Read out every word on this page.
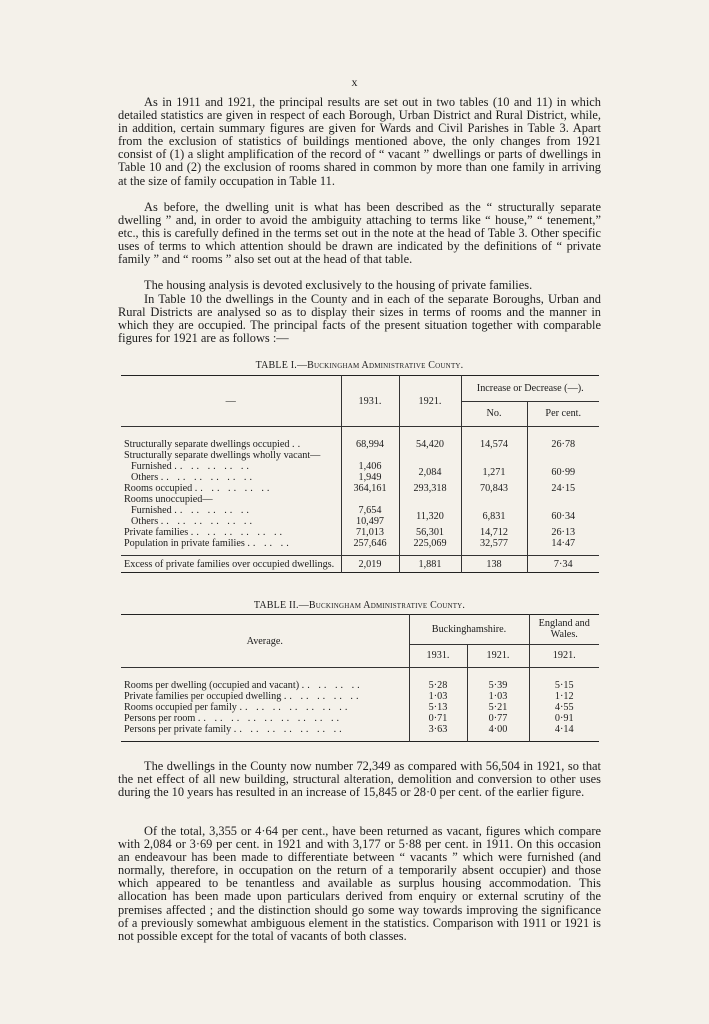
x

As in 1911 and 1921, the principal results are set out in two tables (10 and 11) in which detailed statistics are given in respect of each Borough, Urban District and Rural District, while, in addition, certain summary figures are given for Wards and Civil Parishes in Table 3. Apart from the exclusion of statistics of buildings mentioned above, the only changes from 1921 consist of (1) a slight amplification of the record of “ vacant ” dwellings or parts of dwellings in Table 10 and (2) the exclusion of rooms shared in common by more than one family in arriving at the size of family occupation in Table 11.

As before, the dwelling unit is what has been described as the “ structurally separate dwelling ” and, in order to avoid the ambiguity attaching to terms like “ house,” “ tenement,” etc., this is carefully defined in the terms set out in the note at the head of Table 3. Other specific uses of terms to which attention should be drawn are indicated by the definitions of “ private family ” and “ rooms ” also set out at the head of that table.

The housing analysis is devoted exclusively to the housing of private families.

In Table 10 the dwellings in the County and in each of the separate Boroughs, Urban and Rural Districts are analysed so as to display their sizes in terms of rooms and the manner in which they are occupied. The principal facts of the present situation together with comparable figures for 1921 are as follows :—

TABLE I.—Buckingham Administrative County.
—	1931.	1921.	Increase or Decrease (—).	
			No.	Per cent.

Structurally separate dwellings occupied ..	68,994	54,420	14,574	26·78
Structurally separate dwellings wholly vacant—				
Furnished .. .. .. .. ..	1,406	2,084	1,271	60·99
Others .. .. .. .. .. ..	1,949			
Rooms occupied .. .. .. .. ..	364,161	293,318	70,843	24·15
Rooms unoccupied—				
Furnished .. .. .. .. ..	7,654	11,320	6,831	60·34
Others .. .. .. .. .. ..	10,497			
Private families .. .. .. .. .. ..	71,013	56,301	14,712	26·13
Population in private families .. .. ..	257,646	225,069	32,577	14·47

Excess of private families over occupied dwellings.	2,019	1,881	138	7·34
TABLE II.—Buckingham Administrative County.
Average.	Buckinghamshire.		England and Wales.
	1931.	1921.	1921.

Rooms per dwelling (occupied and vacant) .. .. .. ..	5·28	5·39	5·15
Private families per occupied dwelling .. .. .. .. ..	1·03	1·03	1·12
Rooms occupied per family .. .. .. .. .. .. ..	5·13	5·21	4·55
Persons per room .. .. .. .. .. .. .. .. ..	0·71	0·77	0·91
Persons per private family .. .. .. .. .. .. ..	3·63	4·00	4·14

The dwellings in the County now number 72,349 as compared with 56,504 in 1921, so that the net effect of all new building, structural alteration, demolition and conversion to other uses during the 10 years has resulted in an increase of 15,845 or 28·0 per cent. of the earlier figure.

Of the total, 3,355 or 4·64 per cent., have been returned as vacant, figures which compare with 2,084 or 3·69 per cent. in 1921 and with 3,177 or 5·88 per cent. in 1911. On this occasion an endeavour has been made to differentiate between “ vacants ” which were furnished (and normally, therefore, in occupation on the return of a temporarily absent occupier) and those which appeared to be tenantless and available as surplus housing accommodation. This allocation has been made upon particulars derived from enquiry or external scrutiny of the premises affected ; and the distinction should go some way towards improving the significance of a previously somewhat ambiguous element in the statistics. Comparison with 1911 or 1921 is not possible except for the total of vacants of both classes.
